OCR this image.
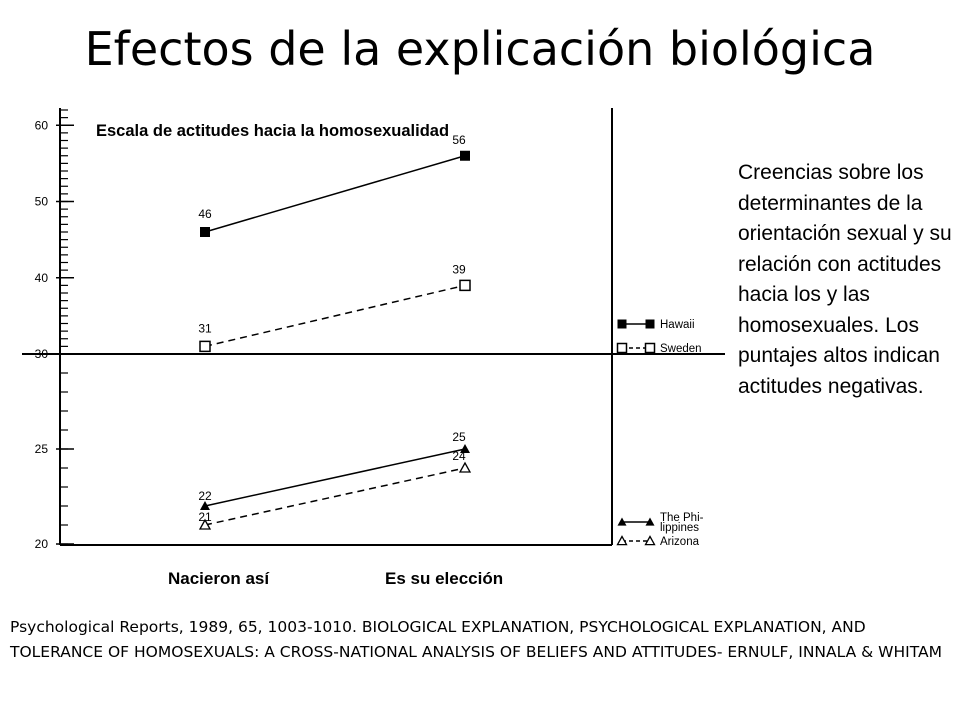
Efectos de la explicación biológica
30
40
50
60	Escala de actitudes hacia la homosexualidad
46
56
31
39
20
25
22
25
21
24
Nacieron así	Es su elección
Hawaii
Sweden
The Phi-
lippines
Arizona
Creencias sobre los determinantes de la orientación sexual y su relación con actitudes hacia los y las homosexuales. Los puntajes altos indican actitudes negativas.
Psychological Reports, 1989, 65, 1003-1010. BIOLOGICAL EXPLANATION, PSYCHOLOGICAL EXPLANATION, AND TOLERANCE OF HOMOSEXUALS: A CROSS-NATIONAL ANALYSIS OF BELIEFS AND ATTITUDES- ERNULF, INNALA & WHITAM
